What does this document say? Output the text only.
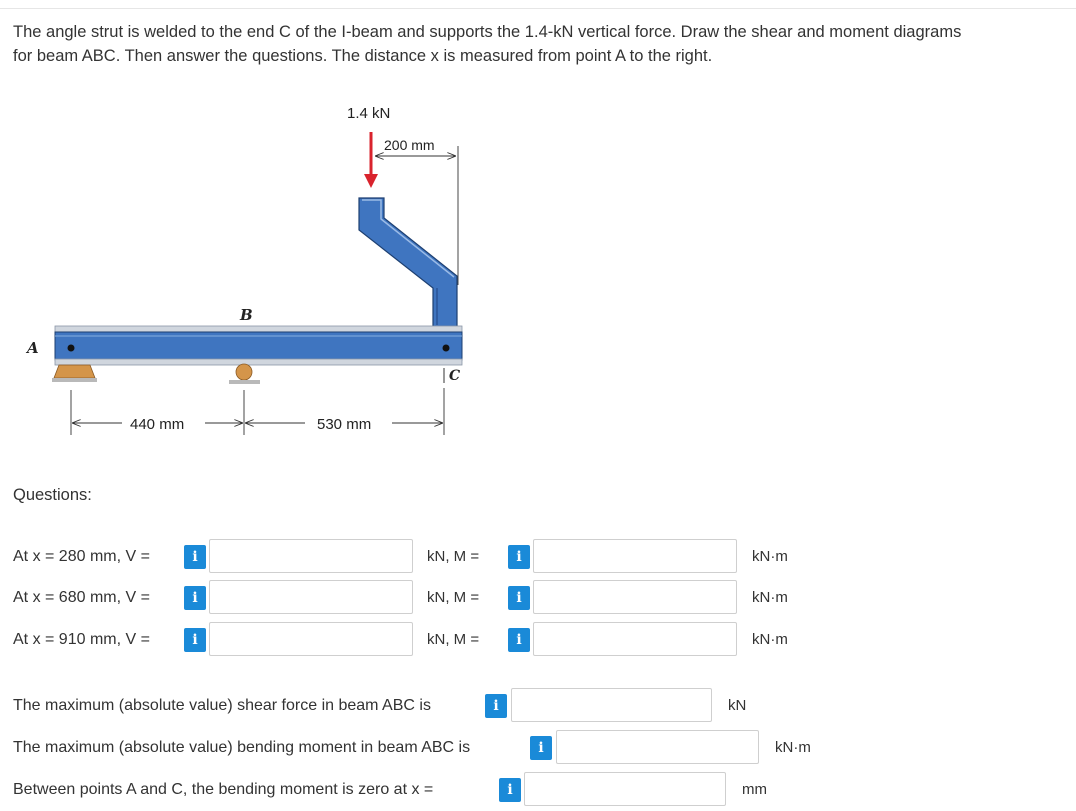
The angle strut is welded to the end C of the I-beam and supports the 1.4-kN vertical force. Draw the shear and moment diagrams

for beam ABC. Then answer the questions. The distance x is measured from point A to the right.

1.4 kN
200 mm
A
B
C
440 mm	530 mm
Questions:
At x = 280 mm, V =	i	kN, M =	i	kN·m
At x = 680 mm, V =	i	kN, M =	i	kN·m
At x = 910 mm, V =	i	kN, M =	i	kN·m
The maximum (absolute value) shear force in beam ABC is	i	kN
The maximum (absolute value) bending moment in beam ABC is	i	kN·m
Between points A and C, the bending moment is zero at x =	i	mm
